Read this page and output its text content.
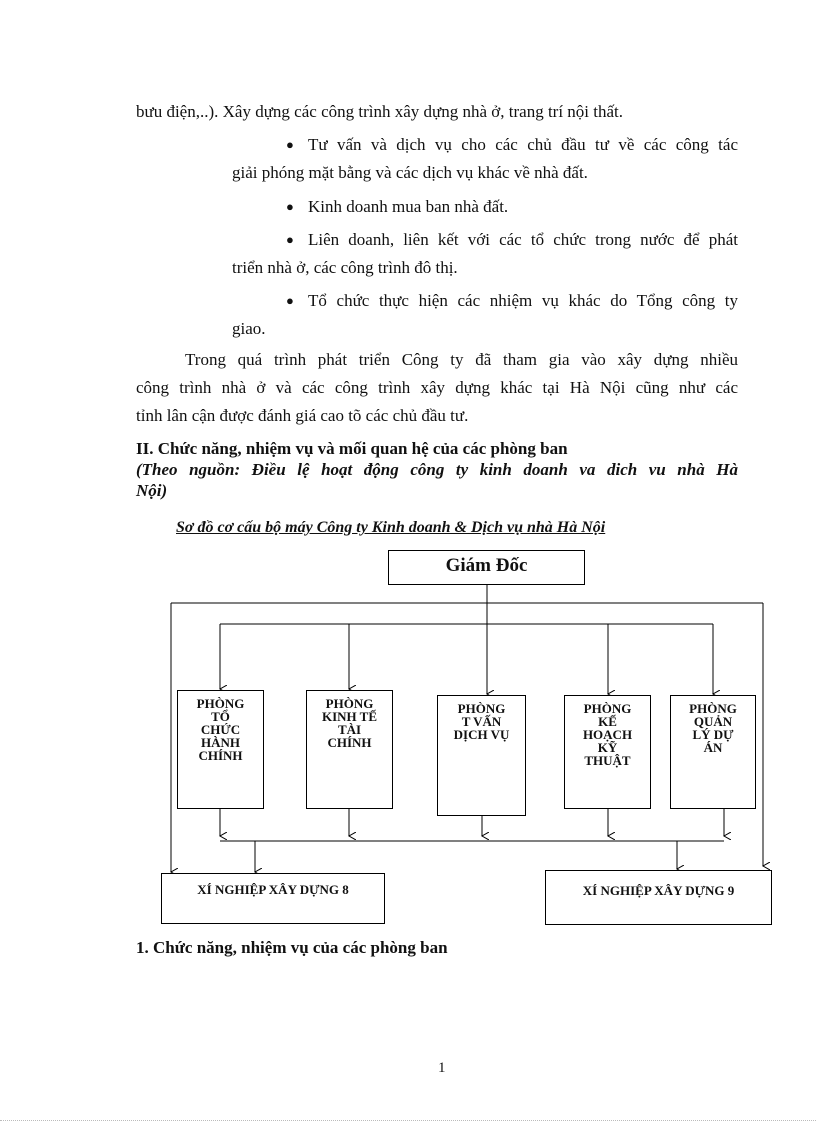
bưu điện,..). Xây dựng các công trình xây dựng nhà ở, trang trí nội thất.
● Tư vấn và dịch vụ cho các chủ đầu tư về các công tác
giải phóng mặt bằng và các dịch vụ khác về nhà đất.
● Kinh doanh mua ban nhà đất.
● Liên doanh, liên kết với các tổ chức trong nước để phát
triển nhà ở, các công trình đô thị.
● Tổ chức thực hiện các nhiệm vụ khác do Tổng công ty
giao.
Trong quá trình phát triển Công ty đã tham gia vào xây dựng nhiều
công trình nhà ở và các công trình xây dựng khác tại Hà Nội cũng như các
tỉnh lân cận được đánh giá cao tõ các chủ đầu tư.
II. Chức năng, nhiệm vụ và mối quan hệ của các phòng ban
(Theo nguồn: Điều lệ hoạt động công ty kinh doanh va dich vu nhà Hà
Nội)
Sơ đồ cơ cấu bộ máy Công ty Kinh doanh & Dịch vụ nhà Hà Nội
Giám Đốc
PHÒNG
TỔ
CHỨC
HÀNH
CHÍNH
PHÒNG
KINH TẾ
TÀI
CHÍNH
PHÒNG
T VẤN
DỊCH VỤ
PHÒNG
KẾ
HOẠCH
KỸ
THUẬT
PHÒNG
QUẢN
LÝ DỰ
ÁN
XÍ NGHIỆP XÂY DỰNG 8	XÍ NGHIỆP XÂY DỰNG 9
1. Chức năng, nhiệm vụ của các phòng ban
1
